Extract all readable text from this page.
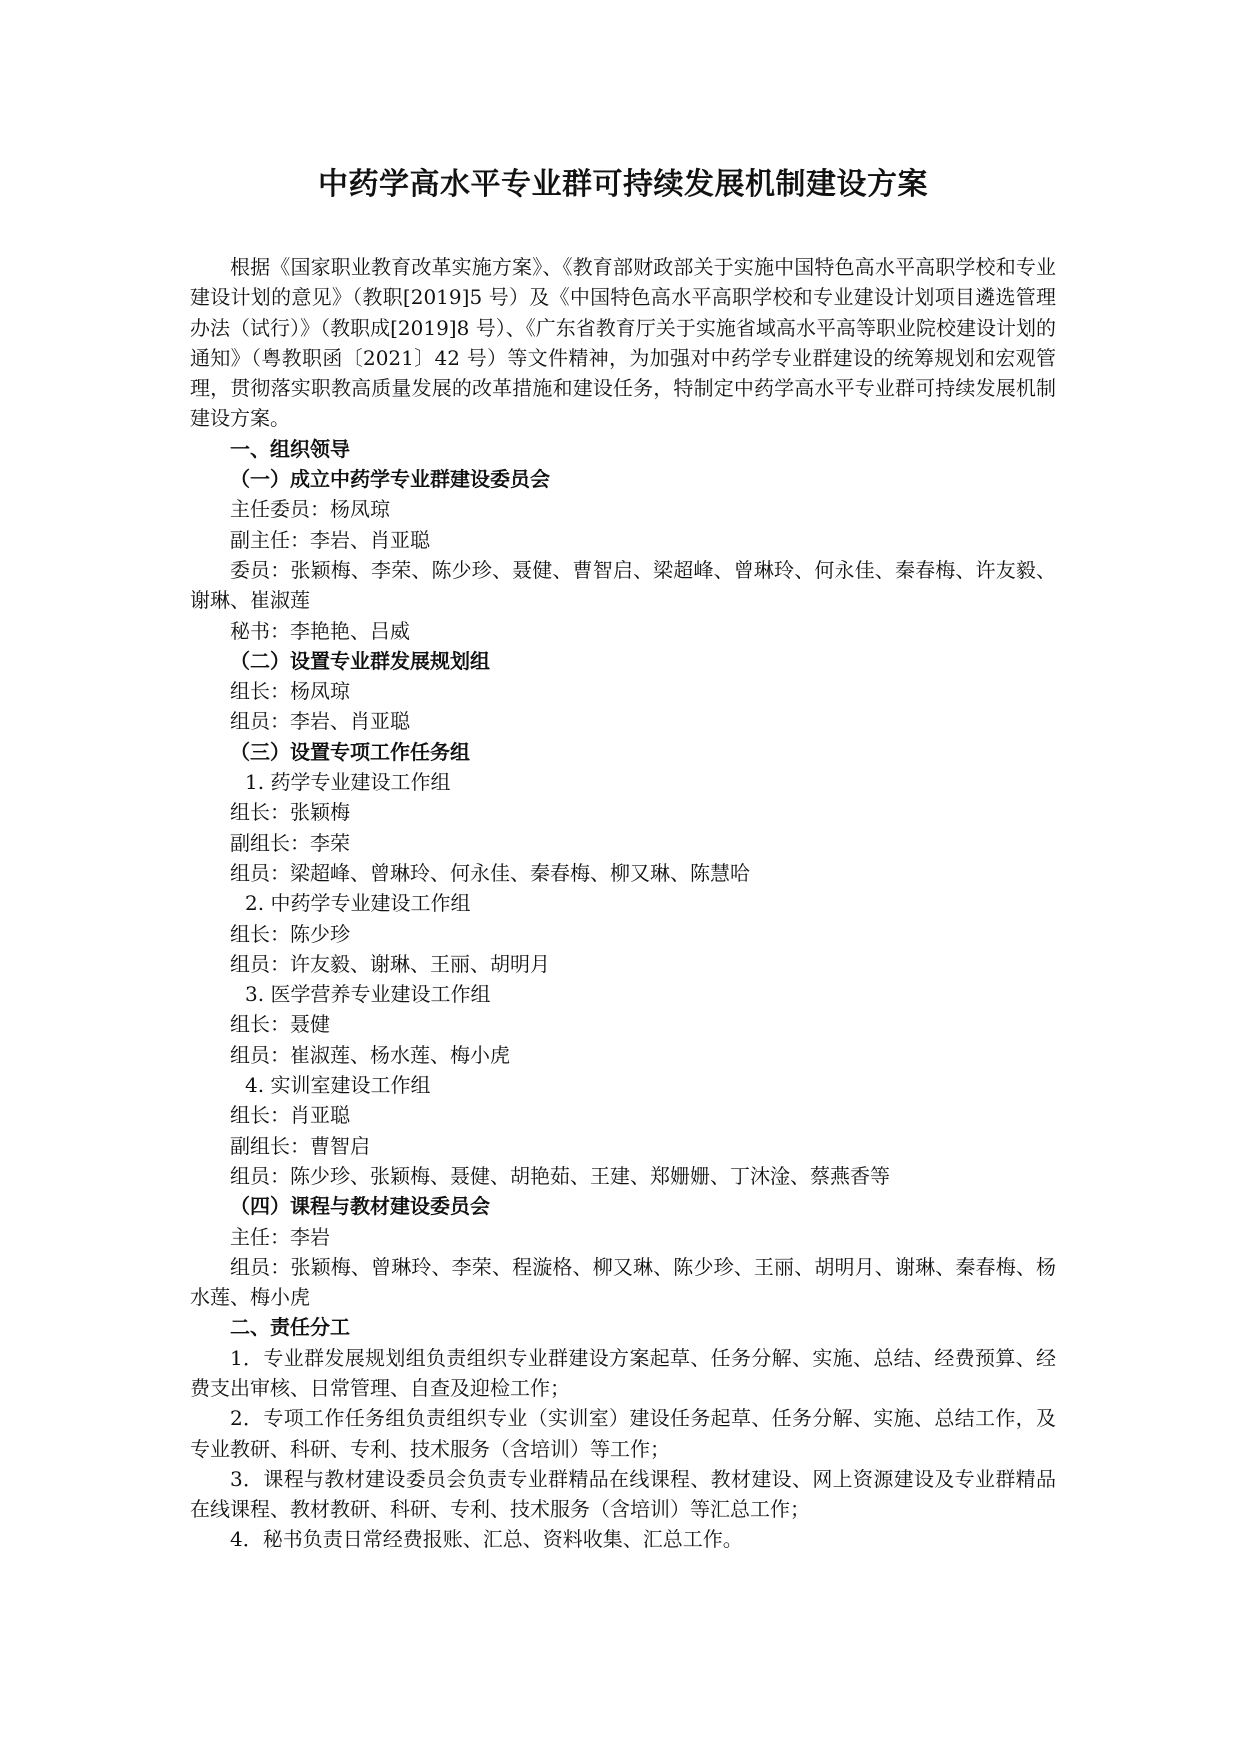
中药学高水平专业群可持续发展机制建设方案

根据《国家职业教育改革实施方案》、《教育部财政部关于实施中国特色高水平高职学校和专业建设计划的意见》（教职[2019]5 号）及《中国特色高水平高职学校和专业建设计划项目遴选管理办法（试行）》（教职成[2019]8 号）、《广东省教育厅关于实施省域高水平高等职业院校建设计划的通知》（粤教职函〔2021〕42 号）等文件精神，为加强对中药学专业群建设的统筹规划和宏观管理，贯彻落实职教高质量发展的改革措施和建设任务，特制定中药学高水平专业群可持续发展机制建设方案。

一、组织领导

（一）成立中药学专业群建设委员会

主任委员：杨凤琼

副主任：李岩、肖亚聪

委员：张颖梅、李荣、陈少珍、聂健、曹智启、梁超峰、曾琳玲、何永佳、秦春梅、许友毅、谢琳、崔淑莲

秘书：李艳艳、吕威

（二）设置专业群发展规划组

组长：杨凤琼

组员：李岩、肖亚聪

（三）设置专项工作任务组

1. 药学专业建设工作组

组长：张颖梅

副组长：李荣

组员：梁超峰、曾琳玲、何永佳、秦春梅、柳又琳、陈慧哈

2. 中药学专业建设工作组

组长：陈少珍

组员：许友毅、谢琳、王丽、胡明月

3. 医学营养专业建设工作组

组长：聂健

组员：崔淑莲、杨水莲、梅小虎

4. 实训室建设工作组

组长：肖亚聪

副组长：曹智启

组员：陈少珍、张颖梅、聂健、胡艳茹、王建、郑姗姗、丁沐淦、蔡燕香等

（四）课程与教材建设委员会

主任：李岩

组员：张颖梅、曾琳玲、李荣、程漩格、柳又琳、陈少珍、王丽、胡明月、谢琳、秦春梅、杨水莲、梅小虎

二、责任分工

1．专业群发展规划组负责组织专业群建设方案起草、任务分解、实施、总结、经费预算、经费支出审核、日常管理、自查及迎检工作；

2．专项工作任务组负责组织专业（实训室）建设任务起草、任务分解、实施、总结工作，及专业教研、科研、专利、技术服务（含培训）等工作；

3．课程与教材建设委员会负责专业群精品在线课程、教材建设、网上资源建设及专业群精品在线课程、教材教研、科研、专利、技术服务（含培训）等汇总工作；

4．秘书负责日常经费报账、汇总、资料收集、汇总工作。
